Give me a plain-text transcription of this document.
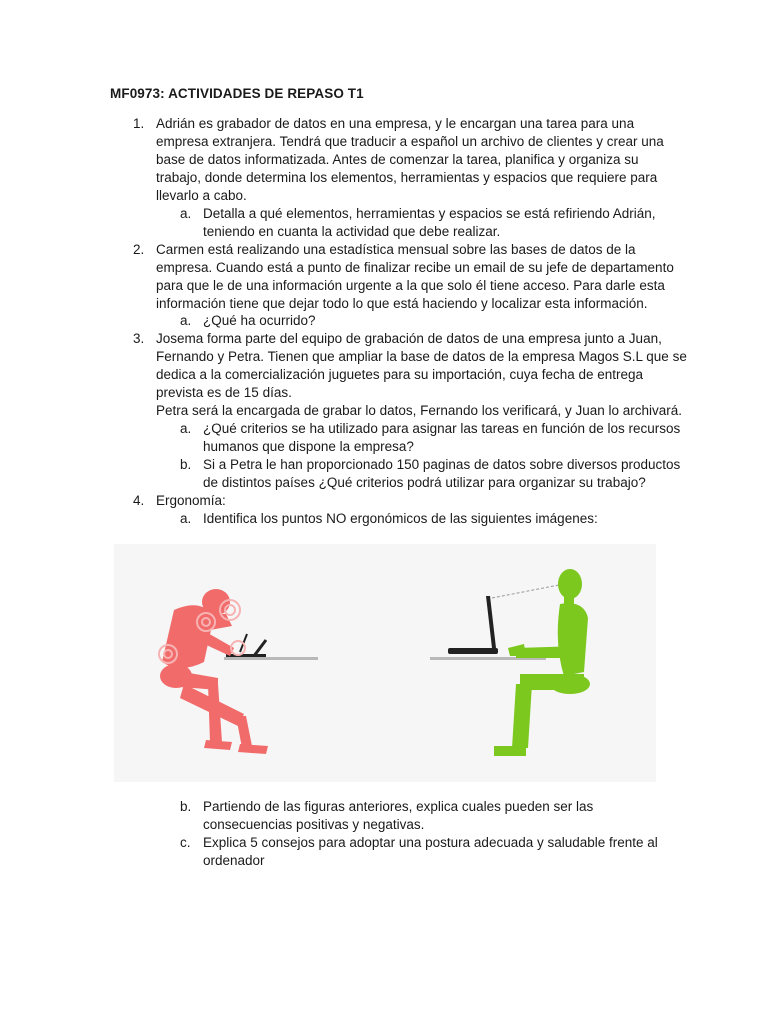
MF0973: ACTIVIDADES DE REPASO T1
1. Adrián es grabador de datos en una empresa, y le encargan una tarea para una
empresa extranjera. Tendrá que traducir a español un archivo de clientes y crear una
base de datos informatizada. Antes de comenzar la tarea, planifica y organiza su
trabajo, donde determina los elementos, herramientas y espacios que requiere para
llevarlo a cabo.
a. Detalla a qué elementos, herramientas y espacios se está refiriendo Adrián,
teniendo en cuanta la actividad que debe realizar.
2. Carmen está realizando una estadística mensual sobre las bases de datos de la
empresa. Cuando está a punto de finalizar recibe un email de su jefe de departamento
para que le de una información urgente a la que solo él tiene acceso. Para darle esta
información tiene que dejar todo lo que está haciendo y localizar esta información.
a. ¿Qué ha ocurrido?
3. Josema forma parte del equipo de grabación de datos de una empresa junto a Juan,
Fernando y Petra. Tienen que ampliar la base de datos de la empresa Magos S.L que se
dedica a la comercialización juguetes para su importación, cuya fecha de entrega
prevista es de 15 días.
Petra será la encargada de grabar lo datos, Fernando los verificará, y Juan lo archivará.
a. ¿Qué criterios se ha utilizado para asignar las tareas en función de los recursos
humanos que dispone la empresa?
b. Si a Petra le han proporcionado 150 paginas de datos sobre diversos productos
de distintos países ¿Qué criterios podrá utilizar para organizar su trabajo?
4. Ergonomía:
a. Identifica los puntos NO ergonómicos de las siguientes imágenes:
b. Partiendo de las figuras anteriores, explica cuales pueden ser las
consecuencias positivas y negativas.
c. Explica 5 consejos para adoptar una postura adecuada y saludable frente al
ordenador
